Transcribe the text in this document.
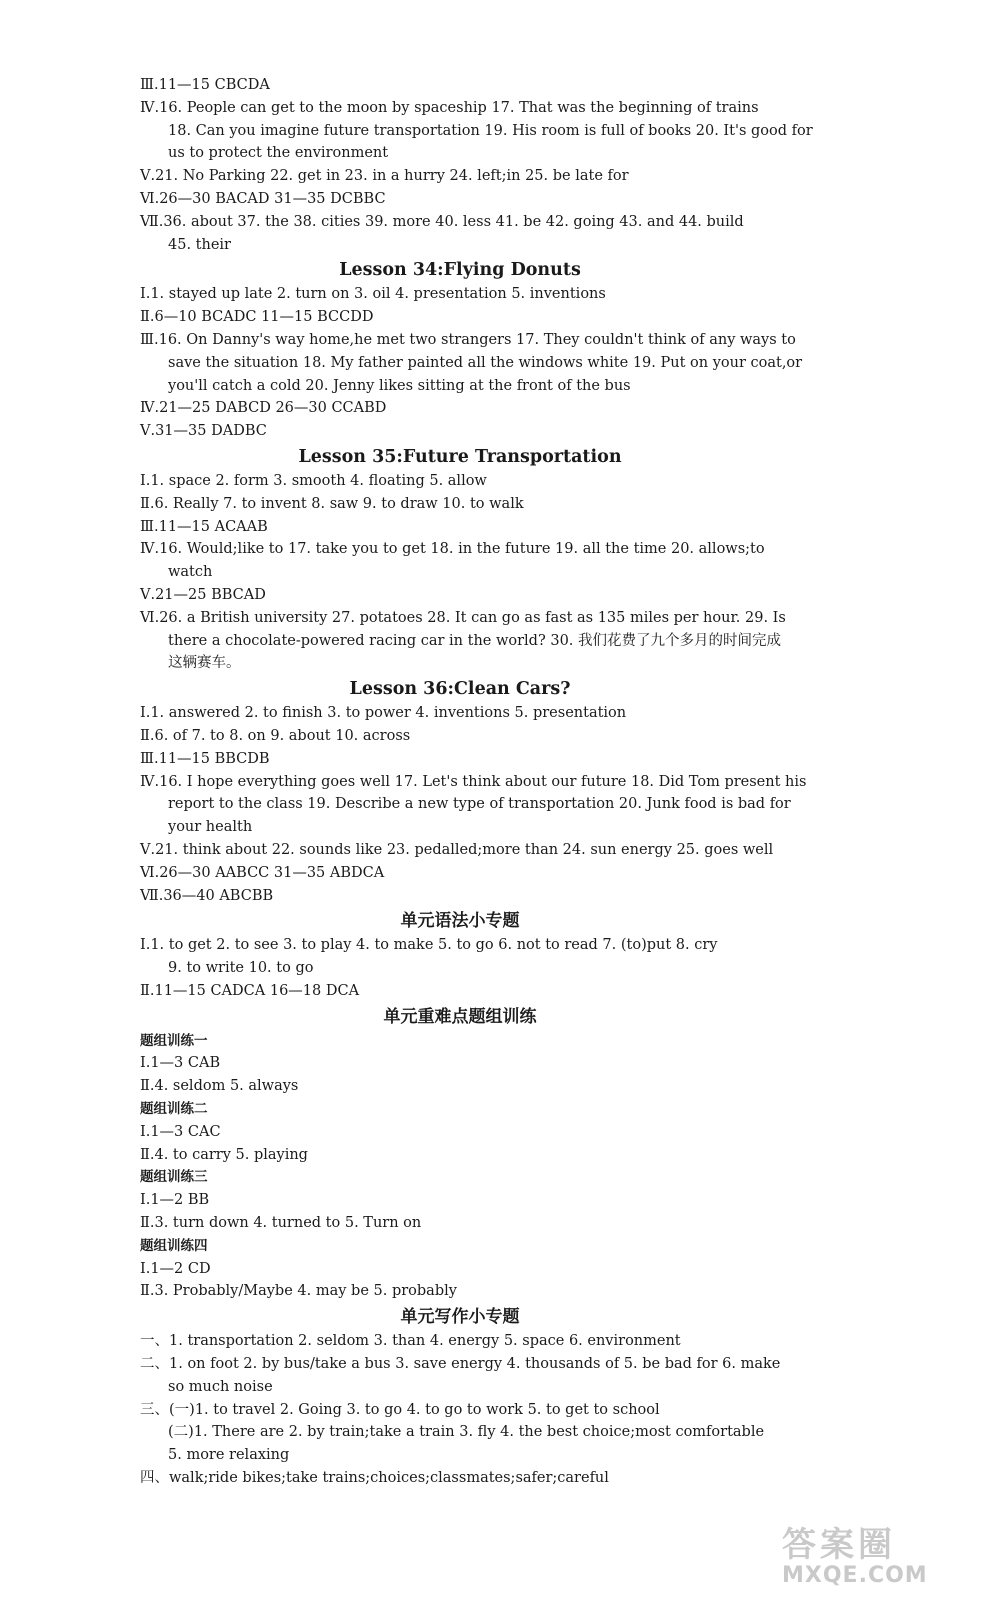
Ⅲ.11—15 CBCDA
Ⅳ.16. People can get to the moon by spaceship 17. That was the beginning of trains
18. Can you imagine future transportation 19. His room is full of books 20. It's good for
us to protect the environment
Ⅴ.21. No Parking 22. get in 23. in a hurry 24. left;in 25. be late for
Ⅵ.26—30 BACAD 31—35 DCBBC
Ⅶ.36. about 37. the 38. cities 39. more 40. less 41. be 42. going 43. and 44. build
45. their
Lesson 34:Flying Donuts
Ⅰ.1. stayed up late 2. turn on 3. oil 4. presentation 5. inventions
Ⅱ.6—10 BCADC 11—15 BCCDD
Ⅲ.16. On Danny's way home,he met two strangers 17. They couldn't think of any ways to
save the situation 18. My father painted all the windows white 19. Put on your coat,or
you'll catch a cold 20. Jenny likes sitting at the front of the bus
Ⅳ.21—25 DABCD 26—30 CCABD
Ⅴ.31—35 DADBC
Lesson 35:Future Transportation
Ⅰ.1. space 2. form 3. smooth 4. floating 5. allow
Ⅱ.6. Really 7. to invent 8. saw 9. to draw 10. to walk
Ⅲ.11—15 ACAAB
Ⅳ.16. Would;like to 17. take you to get 18. in the future 19. all the time 20. allows;to
watch
Ⅴ.21—25 BBCAD
Ⅵ.26. a British university 27. potatoes 28. It can go as fast as 135 miles per hour. 29. Is
there a chocolate-powered racing car in the world? 30. 我们花费了九个多月的时间完成
这辆赛车。
Lesson 36:Clean Cars?
Ⅰ.1. answered 2. to finish 3. to power 4. inventions 5. presentation
Ⅱ.6. of 7. to 8. on 9. about 10. across
Ⅲ.11—15 BBCDB
Ⅳ.16. I hope everything goes well 17. Let's think about our future 18. Did Tom present his
report to the class 19. Describe a new type of transportation 20. Junk food is bad for
your health
Ⅴ.21. think about 22. sounds like 23. pedalled;more than 24. sun energy 25. goes well
Ⅵ.26—30 AABCC 31—35 ABDCA
Ⅶ.36—40 ABCBB
单元语法小专题
Ⅰ.1. to get 2. to see 3. to play 4. to make 5. to go 6. not to read 7. (to)put 8. cry
9. to write 10. to go
Ⅱ.11—15 CADCA 16—18 DCA
单元重难点题组训练
题组训练一
Ⅰ.1—3 CAB
Ⅱ.4. seldom 5. always
题组训练二
Ⅰ.1—3 CAC
Ⅱ.4. to carry 5. playing
题组训练三
Ⅰ.1—2 BB
Ⅱ.3. turn down 4. turned to 5. Turn on
题组训练四
Ⅰ.1—2 CD
Ⅱ.3. Probably/Maybe 4. may be 5. probably
单元写作小专题
一、1. transportation 2. seldom 3. than 4. energy 5. space 6. environment
二、1. on foot 2. by bus/take a bus 3. save energy 4. thousands of 5. be bad for 6. make
so much noise
三、(一)1. to travel 2. Going 3. to go 4. to go to work 5. to get to school
(二)1. There are 2. by train;take a train 3. fly 4. the best choice;most comfortable
5. more relaxing
四、walk;ride bikes;take trains;choices;classmates;safer;careful
答案圈
MXQE.COM
